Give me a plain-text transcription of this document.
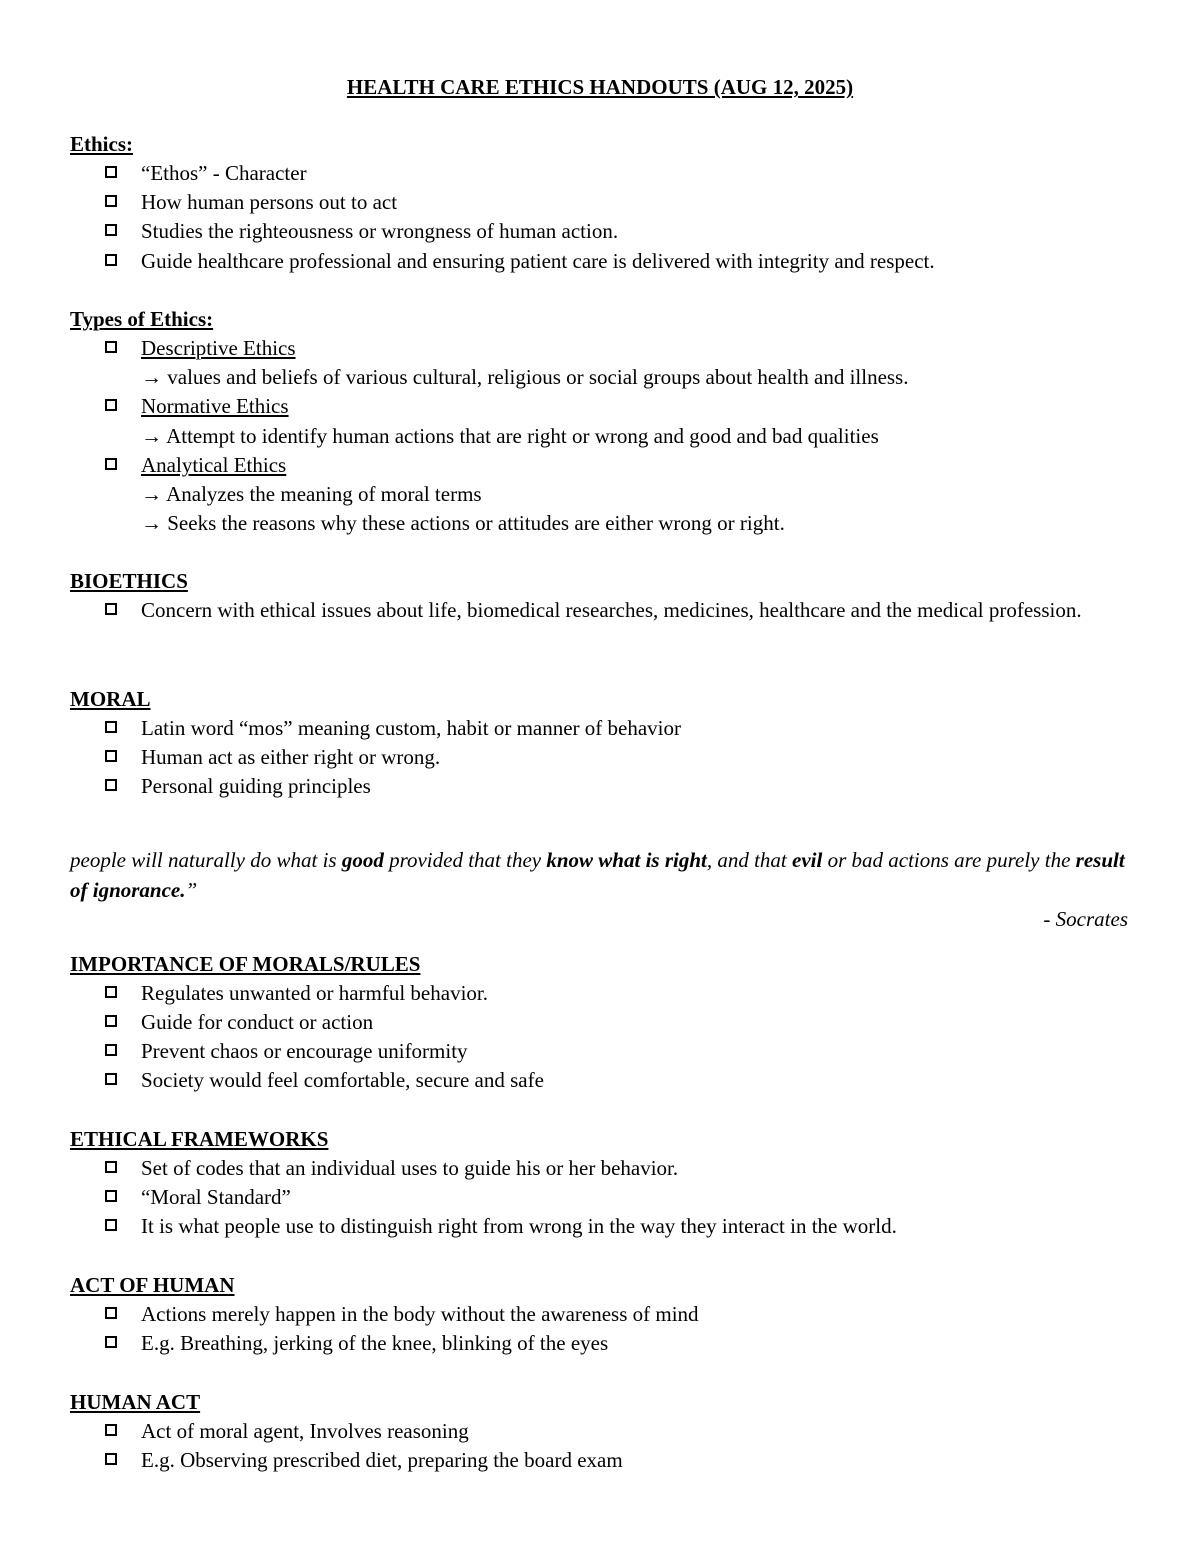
HEALTH CARE ETHICS HANDOUTS (AUG 12, 2025)
Ethics:
“Ethos” - Character
How human persons out to act
Studies the righteousness or wrongness of human action.
Guide healthcare professional and ensuring patient care is delivered with integrity and respect.
Types of Ethics:
Descriptive Ethics
→ values and beliefs of various cultural, religious or social groups about health and illness.
Normative Ethics
→ Attempt to identify human actions that are right or wrong and good and bad qualities
Analytical Ethics
→ Analyzes the meaning of moral terms
→ Seeks the reasons why these actions or attitudes are either wrong or right.
BIOETHICS
Concern with ethical issues about life, biomedical researches, medicines, healthcare and the medical profession.
MORAL
Latin word “mos” meaning custom, habit or manner of behavior
Human act as either right or wrong.
Personal guiding principles
people will naturally do what is good provided that they know what is right, and that evil or bad actions are purely the result of ignorance.”
- Socrates
IMPORTANCE OF MORALS/RULES
Regulates unwanted or harmful behavior.
Guide for conduct or action
Prevent chaos or encourage uniformity
Society would feel comfortable, secure and safe
ETHICAL FRAMEWORKS
Set of codes that an individual uses to guide his or her behavior.
“Moral Standard”
It is what people use to distinguish right from wrong in the way they interact in the world.
ACT OF HUMAN
Actions merely happen in the body without the awareness of mind
E.g. Breathing, jerking of the knee, blinking of the eyes
HUMAN ACT
Act of moral agent, Involves reasoning
E.g. Observing prescribed diet, preparing the board exam
